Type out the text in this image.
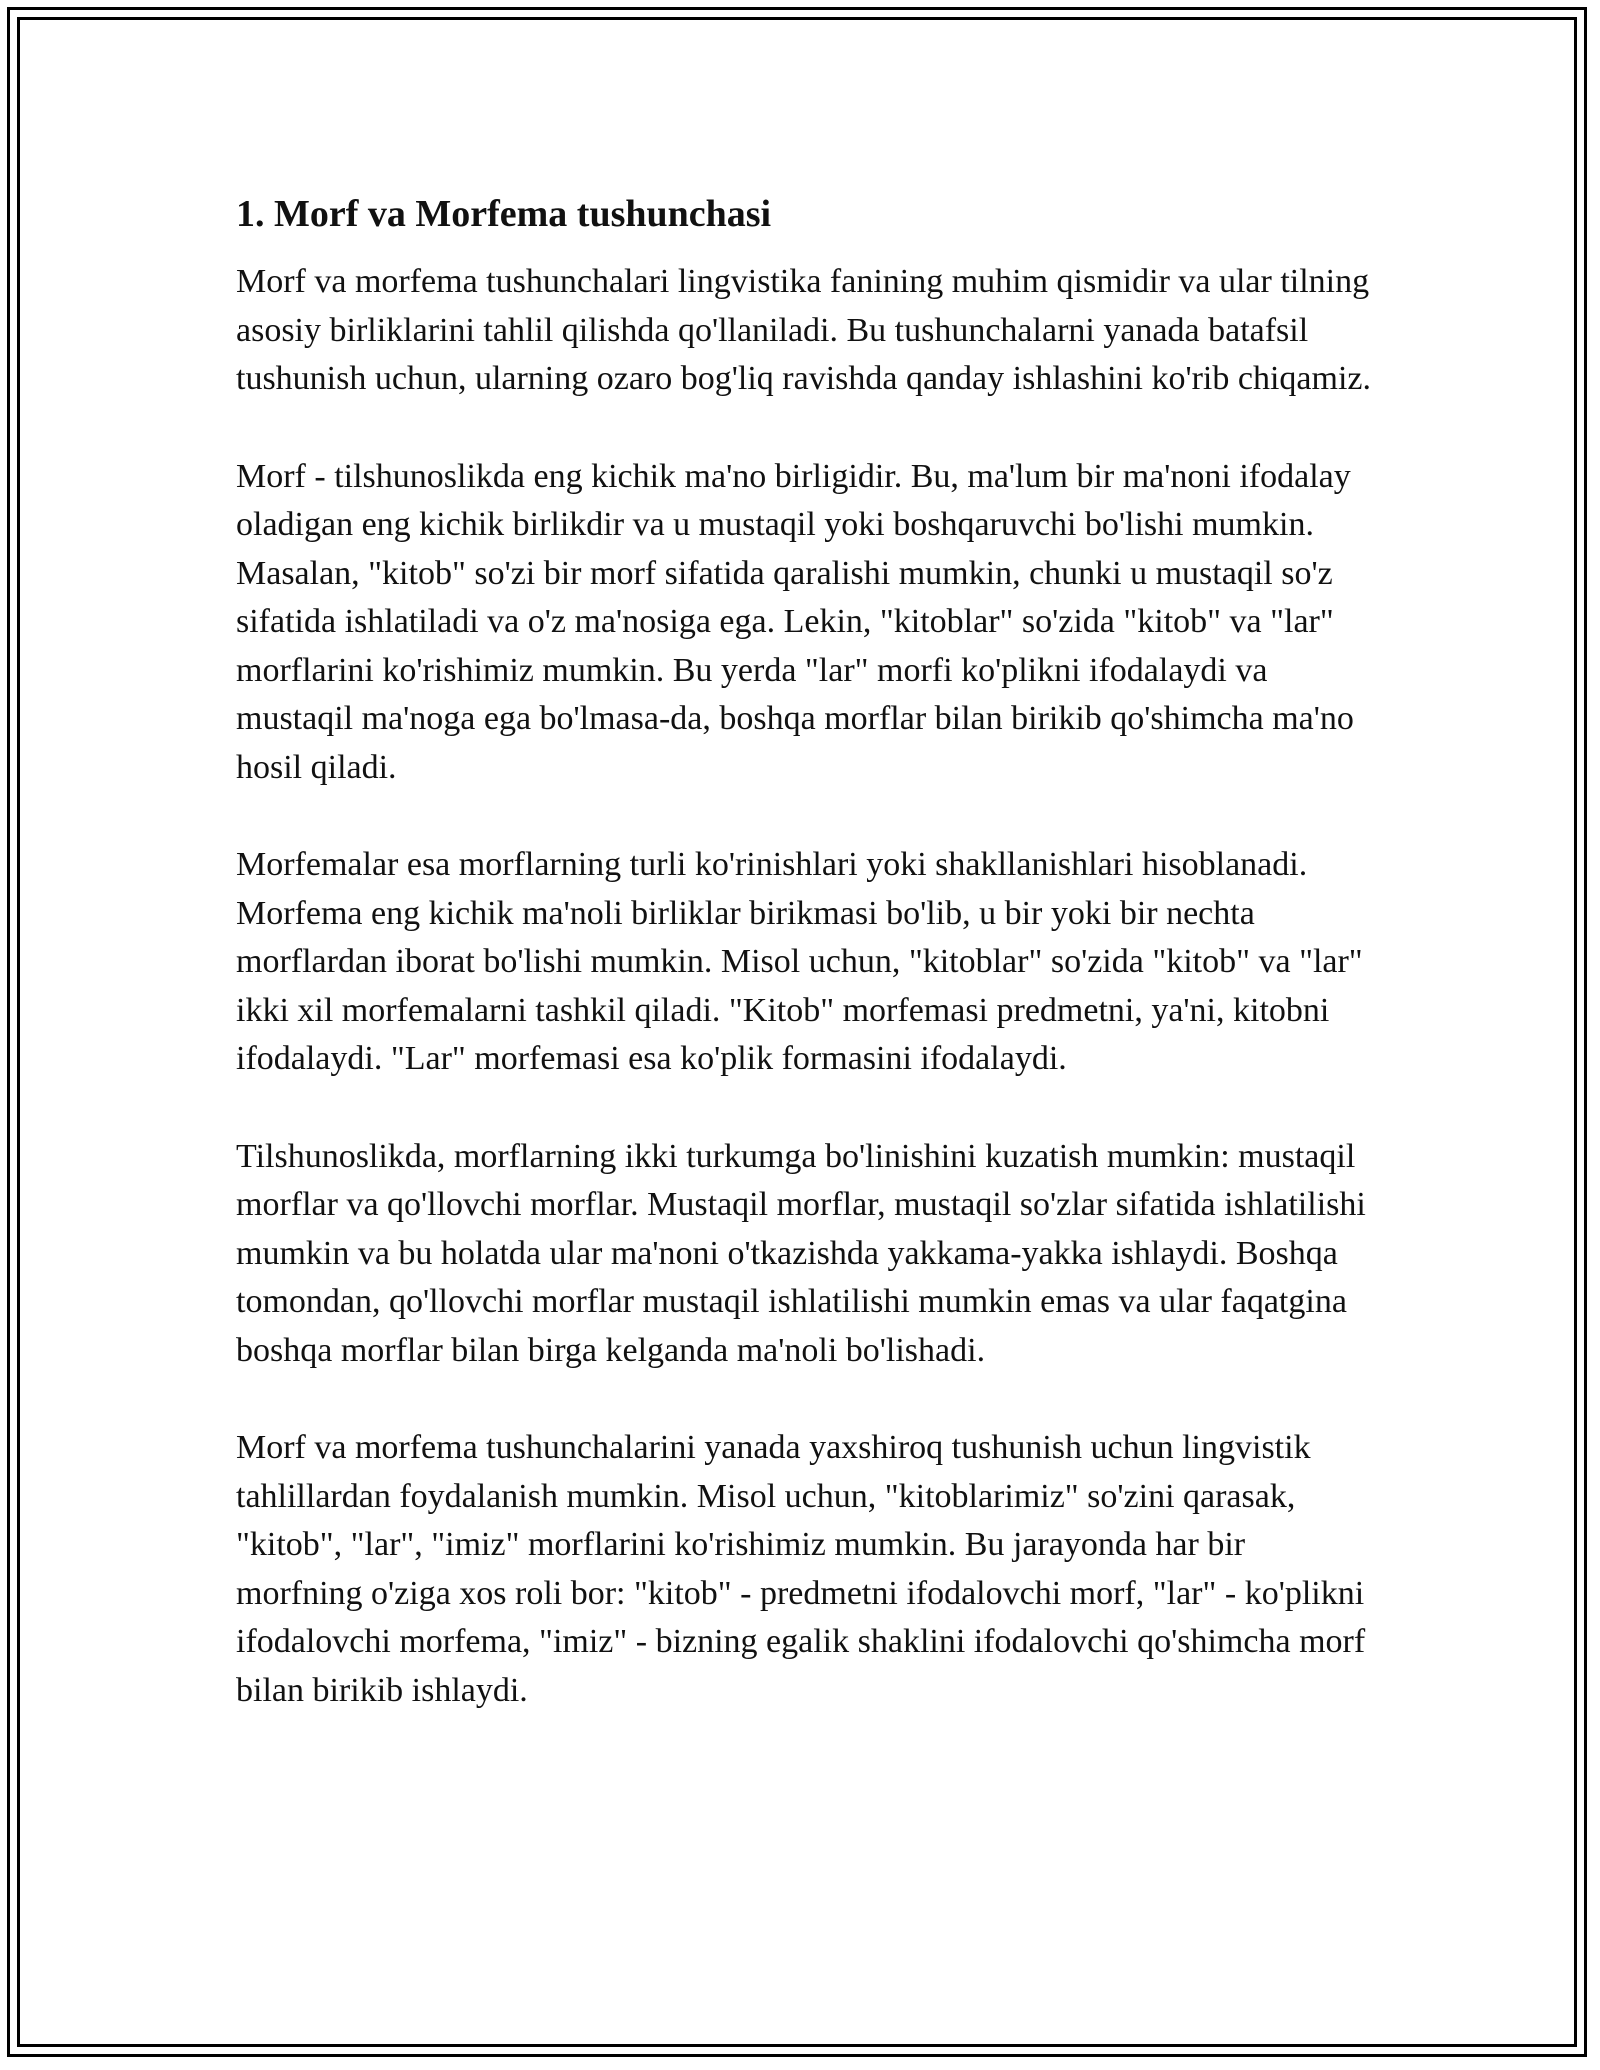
1. Morf va Morfema tushunchasi

Morf va morfema tushunchalari lingvistika fanining muhim qismidir va ular tilning asosiy birliklarini tahlil qilishda qo'llaniladi. Bu tushunchalarni yanada batafsil tushunish uchun, ularning ozaro bog'liq ravishda qanday ishlashini ko'rib chiqamiz.

Morf - tilshunoslikda eng kichik ma'no birligidir. Bu, ma'lum bir ma'noni ifodalay oladigan eng kichik birlikdir va u mustaqil yoki boshqaruvchi bo'lishi mumkin. Masalan, "kitob" so'zi bir morf sifatida qaralishi mumkin, chunki u mustaqil so'z sifatida ishlatiladi va o'z ma'nosiga ega. Lekin, "kitoblar" so'zida "kitob" va "lar" morflarini ko'rishimiz mumkin. Bu yerda "lar" morfi ko'plikni ifodalaydi va mustaqil ma'noga ega bo'lmasa-da, boshqa morflar bilan birikib qo'shimcha ma'no hosil qiladi.

Morfemalar esa morflarning turli ko'rinishlari yoki shakllanishlari hisoblanadi. Morfema eng kichik ma'noli birliklar birikmasi bo'lib, u bir yoki bir nechta morflardan iborat bo'lishi mumkin. Misol uchun, "kitoblar" so'zida "kitob" va "lar" ikki xil morfemalarni tashkil qiladi. "Kitob" morfemasi predmetni, ya'ni, kitobni ifodalaydi. "Lar" morfemasi esa ko'plik formasini ifodalaydi.

Tilshunoslikda, morflarning ikki turkumga bo'linishini kuzatish mumkin: mustaqil morflar va qo'llovchi morflar. Mustaqil morflar, mustaqil so'zlar sifatida ishlatilishi mumkin va bu holatda ular ma'noni o'tkazishda yakkama-yakka ishlaydi. Boshqa tomondan, qo'llovchi morflar mustaqil ishlatilishi mumkin emas va ular faqatgina boshqa morflar bilan birga kelganda ma'noli bo'lishadi.

Morf va morfema tushunchalarini yanada yaxshiroq tushunish uchun lingvistik tahlillardan foydalanish mumkin. Misol uchun, "kitoblarimiz" so'zini qarasak, "kitob", "lar", "imiz" morflarini ko'rishimiz mumkin. Bu jarayonda har bir morfning o'ziga xos roli bor: "kitob" - predmetni ifodalovchi morf, "lar" - ko'plikni ifodalovchi morfema, "imiz" - bizning egalik shaklini ifodalovchi qo'shimcha morf bilan birikib ishlaydi.
